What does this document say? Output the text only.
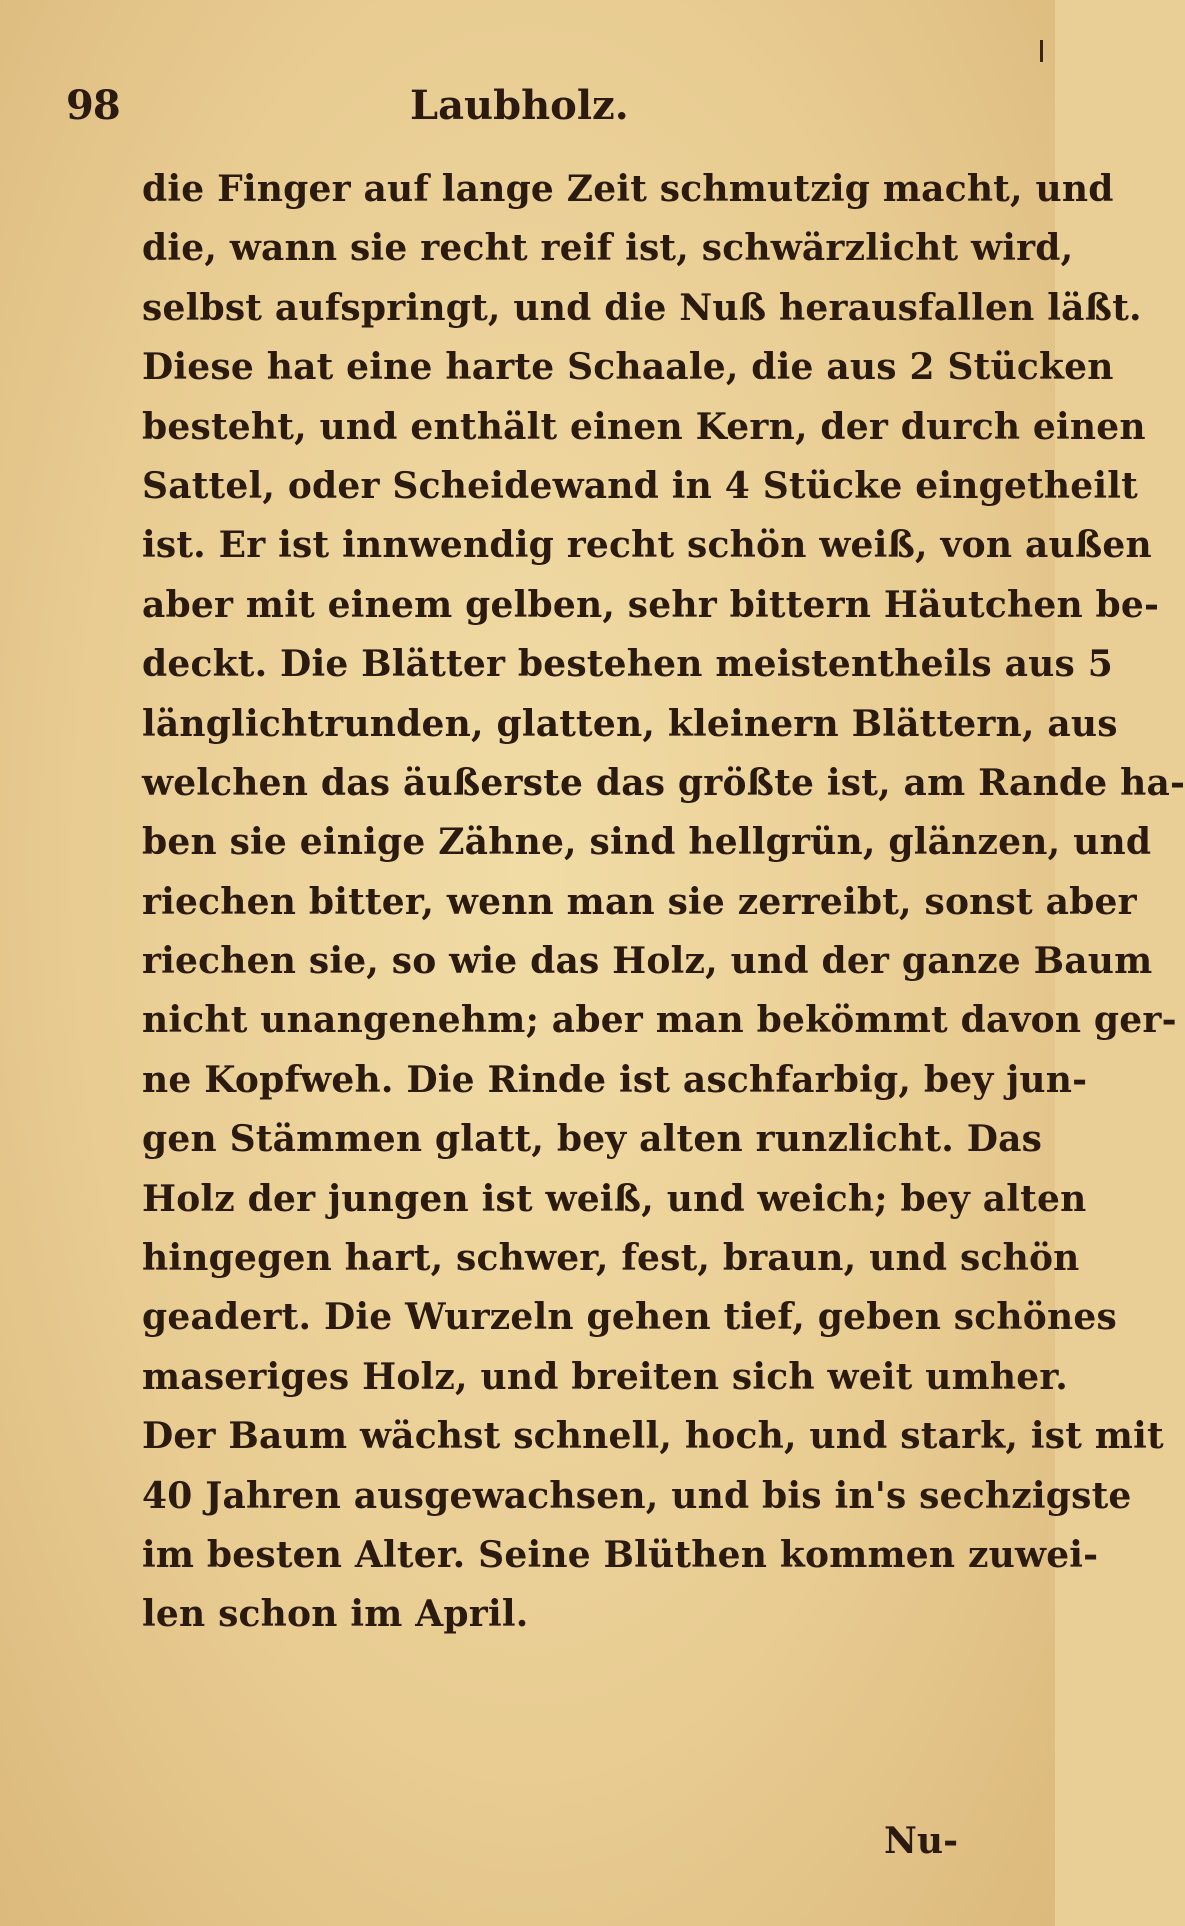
98	Laubholz.
die Finger auf lange Zeit schmutzig macht, und
die, wann sie recht reif ist, schwärzlicht wird,
selbst aufspringt, und die Nuß herausfallen läßt.
Diese hat eine harte Schaale, die aus 2 Stücken
besteht, und enthält einen Kern, der durch einen
Sattel, oder Scheidewand in 4 Stücke eingetheilt
ist. Er ist innwendig recht schön weiß, von außen
aber mit einem gelben, sehr bittern Häutchen be-
deckt. Die Blätter bestehen meistentheils aus 5
länglichtrunden, glatten, kleinern Blättern, aus
welchen das äußerste das größte ist, am Rande ha-
ben sie einige Zähne, sind hellgrün, glänzen, und
riechen bitter, wenn man sie zerreibt, sonst aber
riechen sie, so wie das Holz, und der ganze Baum
nicht unangenehm; aber man bekömmt davon ger-
ne Kopfweh. Die Rinde ist aschfarbig, bey jun-
gen Stämmen glatt, bey alten runzlicht. Das
Holz der jungen ist weiß, und weich; bey alten
hingegen hart, schwer, fest, braun, und schön
geadert. Die Wurzeln gehen tief, geben schönes
maseriges Holz, und breiten sich weit umher.
Der Baum wächst schnell, hoch, und stark, ist mit
40 Jahren ausgewachsen, und bis in's sechzigste
im besten Alter. Seine Blüthen kommen zuwei-
len schon im April.
Nu-
